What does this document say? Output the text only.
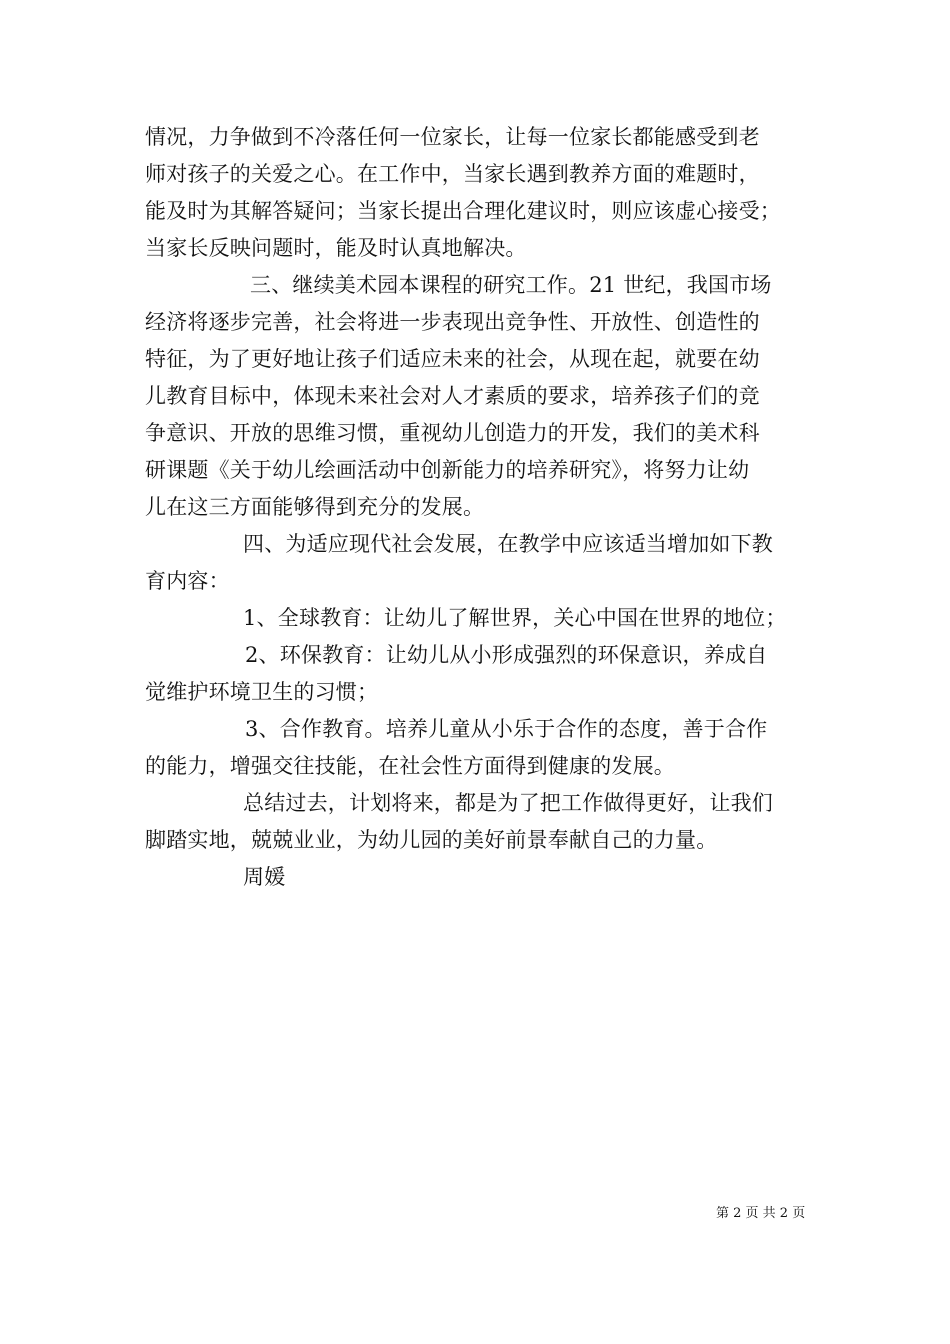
情况，力争做到不冷落任何一位家长，让每一位家长都能感受到老
师对孩子的关爱之心。在工作中，当家长遇到教养方面的难题时，
能及时为其解答疑问；当家长提出合理化建议时，则应该虚心接受；
当家长反映问题时，能及时认真地解决。
三、继续美术园本课程的研究工作。21 世纪，我国市场
经济将逐步完善，社会将进一步表现出竞争性、开放性、创造性的
特征，为了更好地让孩子们适应未来的社会，从现在起，就要在幼
儿教育目标中，体现未来社会对人才素质的要求，培养孩子们的竞
争意识、开放的思维习惯，重视幼儿创造力的开发，我们的美术科
研课题《关于幼儿绘画活动中创新能力的培养研究》，将努力让幼
儿在这三方面能够得到充分的发展。
四、为适应现代社会发展，在教学中应该适当增加如下教
育内容：
1、全球教育：让幼儿了解世界，关心中国在世界的地位；
2、环保教育：让幼儿从小形成强烈的环保意识，养成自
觉维护环境卫生的习惯；
3、合作教育。培养儿童从小乐于合作的态度，善于合作
的能力，增强交往技能，在社会性方面得到健康的发展。
总结过去，计划将来，都是为了把工作做得更好，让我们
脚踏实地，兢兢业业，为幼儿园的美好前景奉献自己的力量。
周媛
第 2 页 共 2 页
